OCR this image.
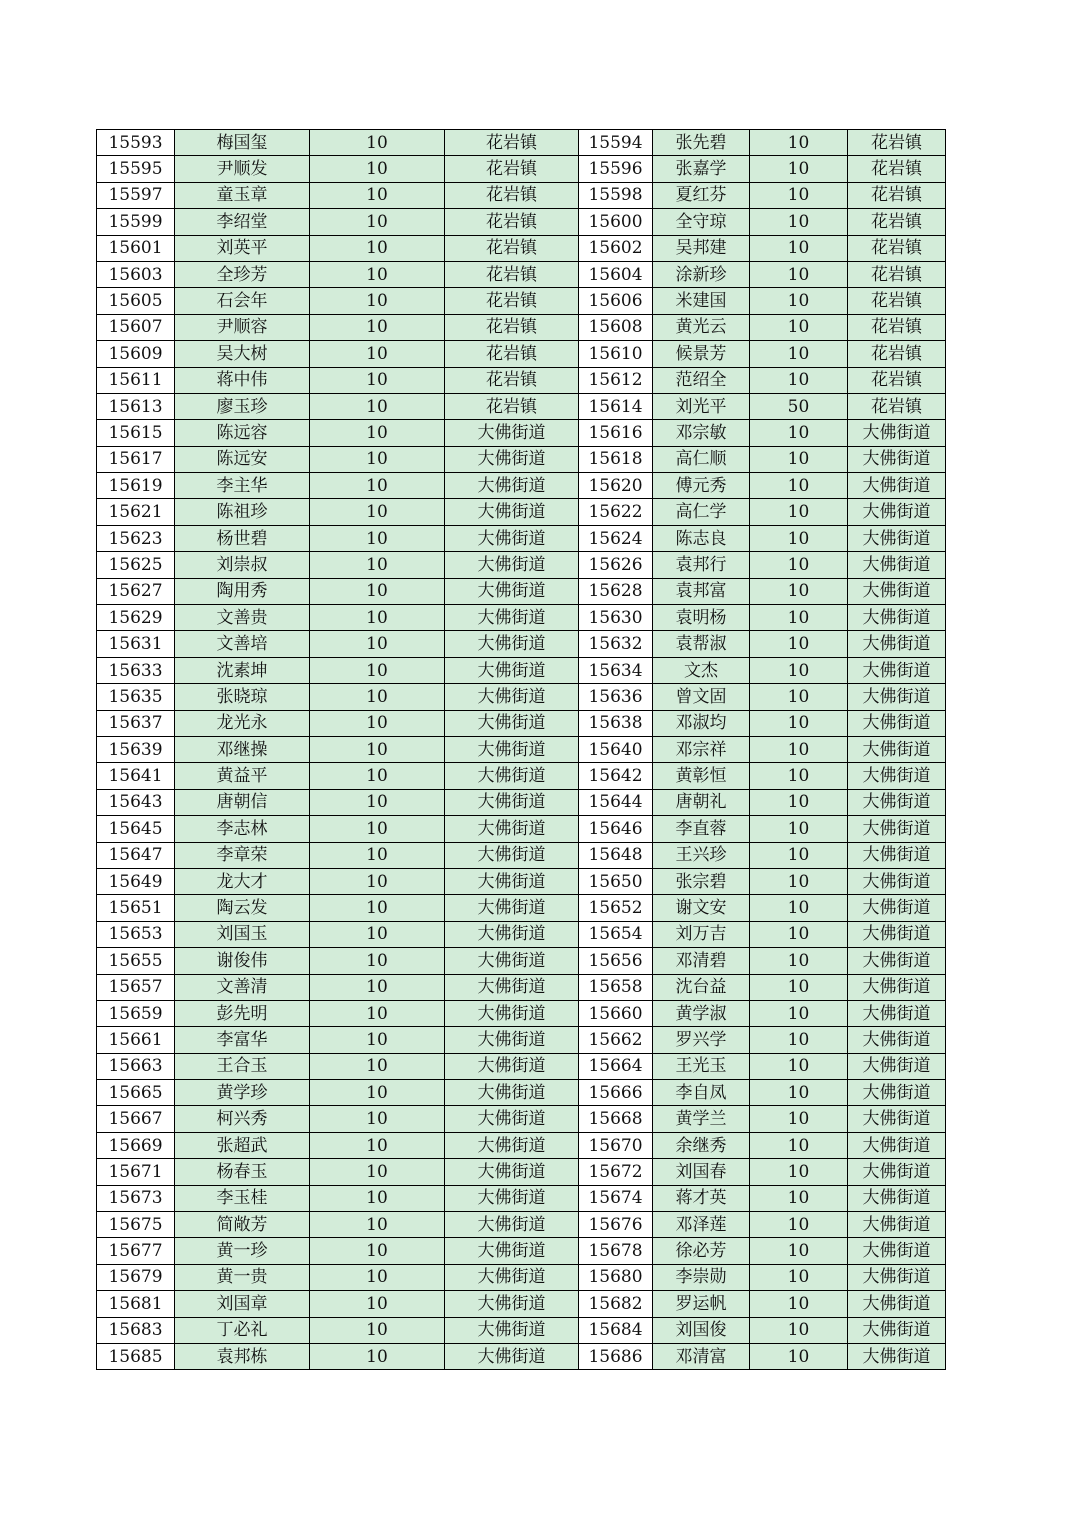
15593	梅国玺	10	花岩镇	15594	张先碧	10	花岩镇
15595	尹顺发	10	花岩镇	15596	张嘉学	10	花岩镇
15597	童玉章	10	花岩镇	15598	夏红芬	10	花岩镇
15599	李绍堂	10	花岩镇	15600	全守琼	10	花岩镇
15601	刘英平	10	花岩镇	15602	吴邦建	10	花岩镇
15603	全珍芳	10	花岩镇	15604	涂新珍	10	花岩镇
15605	石会年	10	花岩镇	15606	米建国	10	花岩镇
15607	尹顺容	10	花岩镇	15608	黄光云	10	花岩镇
15609	吴大树	10	花岩镇	15610	候景芳	10	花岩镇
15611	蒋中伟	10	花岩镇	15612	范绍全	10	花岩镇
15613	廖玉珍	10	花岩镇	15614	刘光平	50	花岩镇
15615	陈远容	10	大佛街道	15616	邓宗敏	10	大佛街道
15617	陈远安	10	大佛街道	15618	高仁顺	10	大佛街道
15619	李主华	10	大佛街道	15620	傅元秀	10	大佛街道
15621	陈祖珍	10	大佛街道	15622	高仁学	10	大佛街道
15623	杨世碧	10	大佛街道	15624	陈志良	10	大佛街道
15625	刘崇叔	10	大佛街道	15626	袁邦行	10	大佛街道
15627	陶用秀	10	大佛街道	15628	袁邦富	10	大佛街道
15629	文善贵	10	大佛街道	15630	袁明杨	10	大佛街道
15631	文善培	10	大佛街道	15632	袁帮淑	10	大佛街道
15633	沈素坤	10	大佛街道	15634	文杰	10	大佛街道
15635	张晓琼	10	大佛街道	15636	曾文固	10	大佛街道
15637	龙光永	10	大佛街道	15638	邓淑均	10	大佛街道
15639	邓继操	10	大佛街道	15640	邓宗祥	10	大佛街道
15641	黄益平	10	大佛街道	15642	黄彰恒	10	大佛街道
15643	唐朝信	10	大佛街道	15644	唐朝礼	10	大佛街道
15645	李志林	10	大佛街道	15646	李直蓉	10	大佛街道
15647	李章荣	10	大佛街道	15648	王兴珍	10	大佛街道
15649	龙大才	10	大佛街道	15650	张宗碧	10	大佛街道
15651	陶云发	10	大佛街道	15652	谢文安	10	大佛街道
15653	刘国玉	10	大佛街道	15654	刘万吉	10	大佛街道
15655	谢俊伟	10	大佛街道	15656	邓清碧	10	大佛街道
15657	文善清	10	大佛街道	15658	沈台益	10	大佛街道
15659	彭先明	10	大佛街道	15660	黄学淑	10	大佛街道
15661	李富华	10	大佛街道	15662	罗兴学	10	大佛街道
15663	王合玉	10	大佛街道	15664	王光玉	10	大佛街道
15665	黄学珍	10	大佛街道	15666	李自凤	10	大佛街道
15667	柯兴秀	10	大佛街道	15668	黄学兰	10	大佛街道
15669	张超武	10	大佛街道	15670	余继秀	10	大佛街道
15671	杨春玉	10	大佛街道	15672	刘国春	10	大佛街道
15673	李玉桂	10	大佛街道	15674	蒋才英	10	大佛街道
15675	简敞芳	10	大佛街道	15676	邓泽莲	10	大佛街道
15677	黄一珍	10	大佛街道	15678	徐必芳	10	大佛街道
15679	黄一贵	10	大佛街道	15680	李崇勋	10	大佛街道
15681	刘国章	10	大佛街道	15682	罗运帆	10	大佛街道
15683	丁必礼	10	大佛街道	15684	刘国俊	10	大佛街道
15685	袁邦栋	10	大佛街道	15686	邓清富	10	大佛街道
